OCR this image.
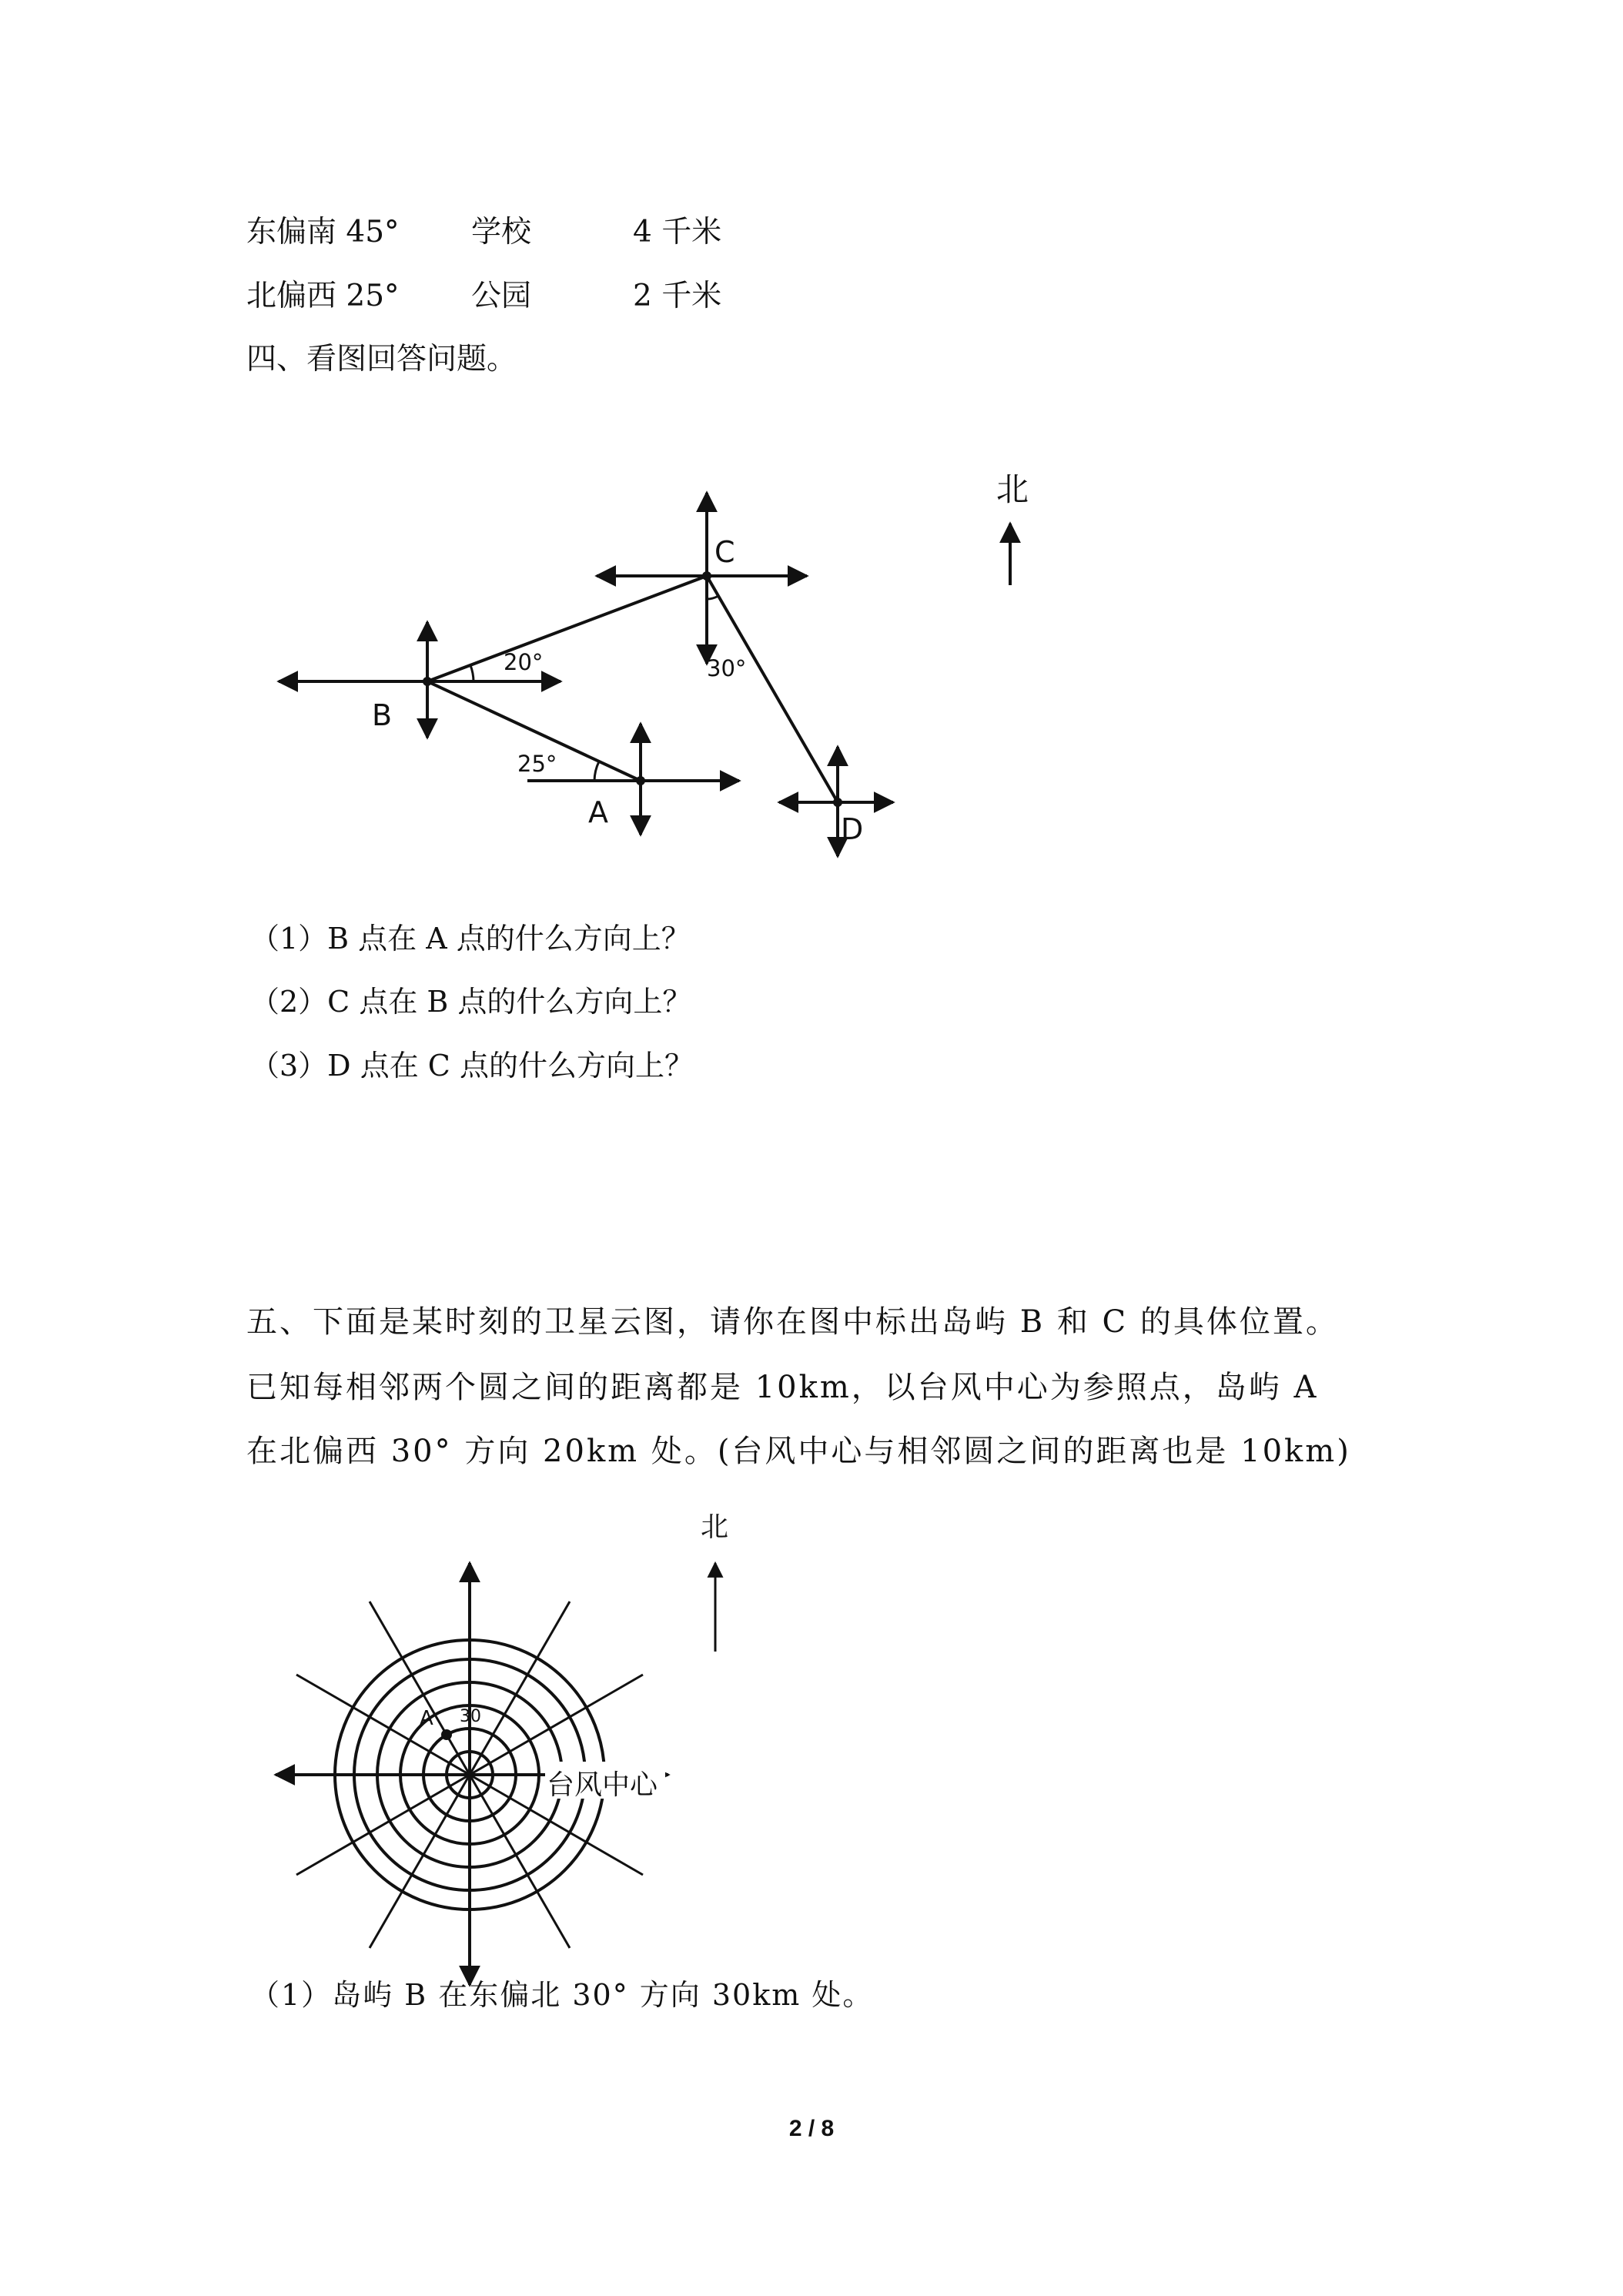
东偏南 45° 学校	4 千米
北偏西 25° 公园	2 千米
四、看图回答问题。
B
C
A	D
北
20°
25°
30°
（1）B 点在 A 点的什么方向上？
（2）C 点在 B 点的什么方向上？
（3）D 点在 C 点的什么方向上？
五、下面是某时刻的卫星云图，请你在图中标出岛屿 B 和 C 的具体位置。
已知每相邻两个圆之间的距离都是 10km，以台风中心为参照点，岛屿 A
在北偏西 30° 方向 20km 处。(台风中心与相邻圆之间的距离也是 10km)
台风中心
A 30
北
（1）岛屿 B 在东偏北 30° 方向 30km 处。
2 / 8
